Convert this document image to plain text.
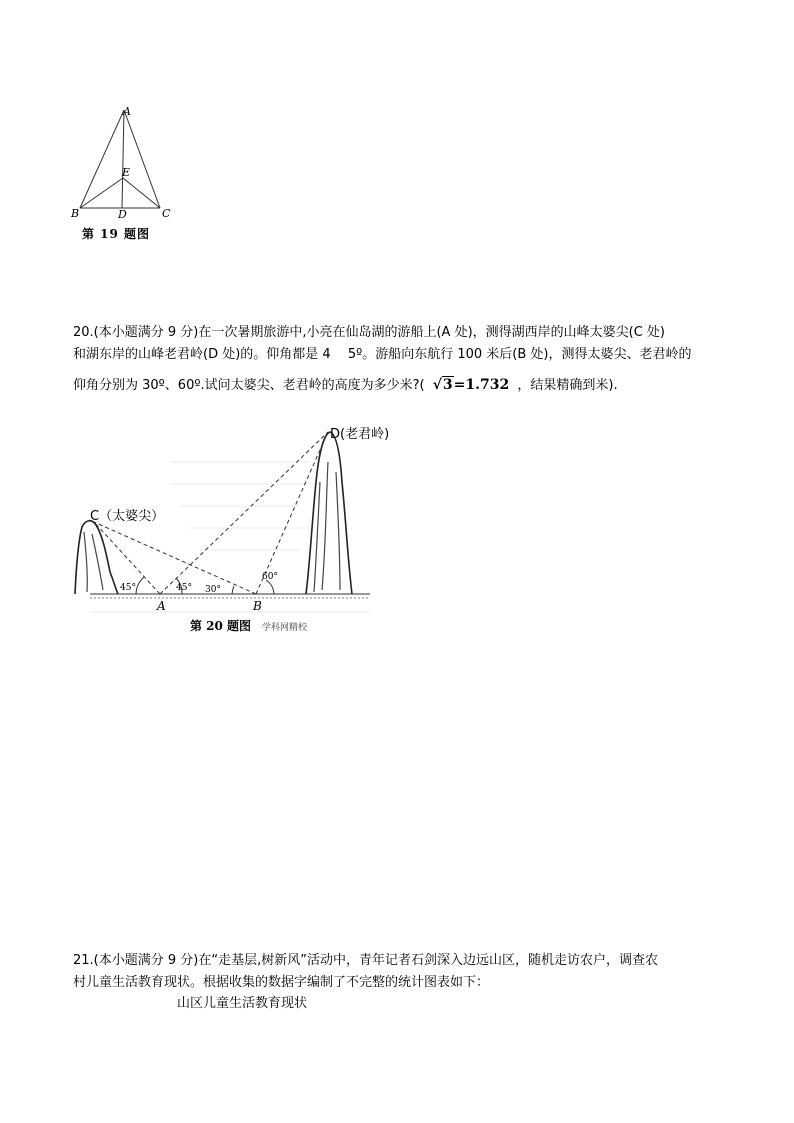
A
B	D	C
E
第 19 题图
20.(本小题满分 9 分)在一次暑期旅游中,小亮在仙岛湖的游船上(A 处)，测得湖西岸的山峰太婆尖(C 处)
和湖东岸的山峰老君岭(D 处)的。仰角都是 4　 5º。游船向东航行 100 米后(B 处)，测得太婆尖、老君岭的
仰角分别为 30º、60º.试问太婆尖、老君岭的高度为多少米?( √3=1.732 ，结果精确到米).
C（太婆尖）
D(老君岭)
A	B
45°	45° 30°
60°
第 20 题图 学科网精校
21.(本小题满分 9 分)在“走基层,树新风”活动中，青年记者石剑深入边远山区，随机走访农户，调查农
村儿童生活教育现状。根据收集的数据字编制了不完整的统计图表如下：
山区儿童生活教育现状
